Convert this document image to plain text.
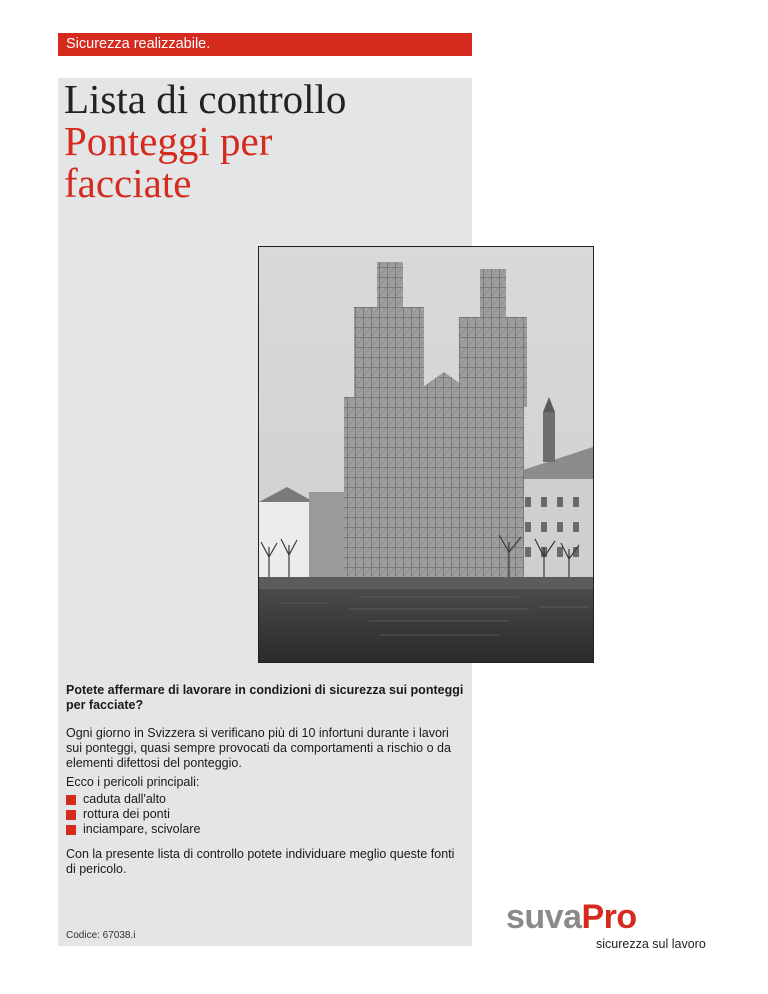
Sicurezza realizzabile.
Lista di controllo
Ponteggi per
facciate
Potete affermare di lavorare in condizioni di sicurezza sui ponteggi per facciate?
Ogni giorno in Svizzera si verificano più di 10 infortuni durante i lavori sui ponteggi, quasi sempre provocati da comportamenti a rischio o da elementi difettosi del ponteggio.
Ecco i pericoli principali:
caduta dall'alto
rottura dei ponti
inciampare, scivolare
Con la presente lista di controllo potete individuare meglio queste fonti di pericolo.
Codice: 67038.i	suvaPro
sicurezza sul lavoro
